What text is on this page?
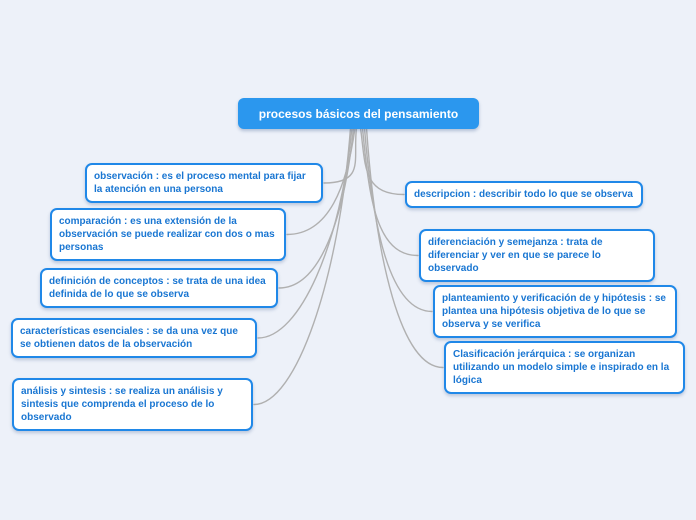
procesos básicos del pensamiento
observación : es el proceso mental para fijar la atención en una persona
comparación : es una extensión de la observación se puede realizar con dos o mas personas
definición de conceptos : se trata de una idea definida de lo que se observa
características esenciales : se da una vez que se obtienen datos de la observación
análisis y sintesis : se realiza un análisis y sintesis que comprenda el proceso de lo observado
descripcion : describir todo lo que se observa
diferenciación y semejanza : trata de diferenciar y ver en que se parece lo observado
planteamiento y verificación de y hipótesis : se plantea una hipótesis objetiva de lo que se observa y se verifica
Clasificación jerárquica : se organizan utilizando un modelo simple e inspirado en la lógica
